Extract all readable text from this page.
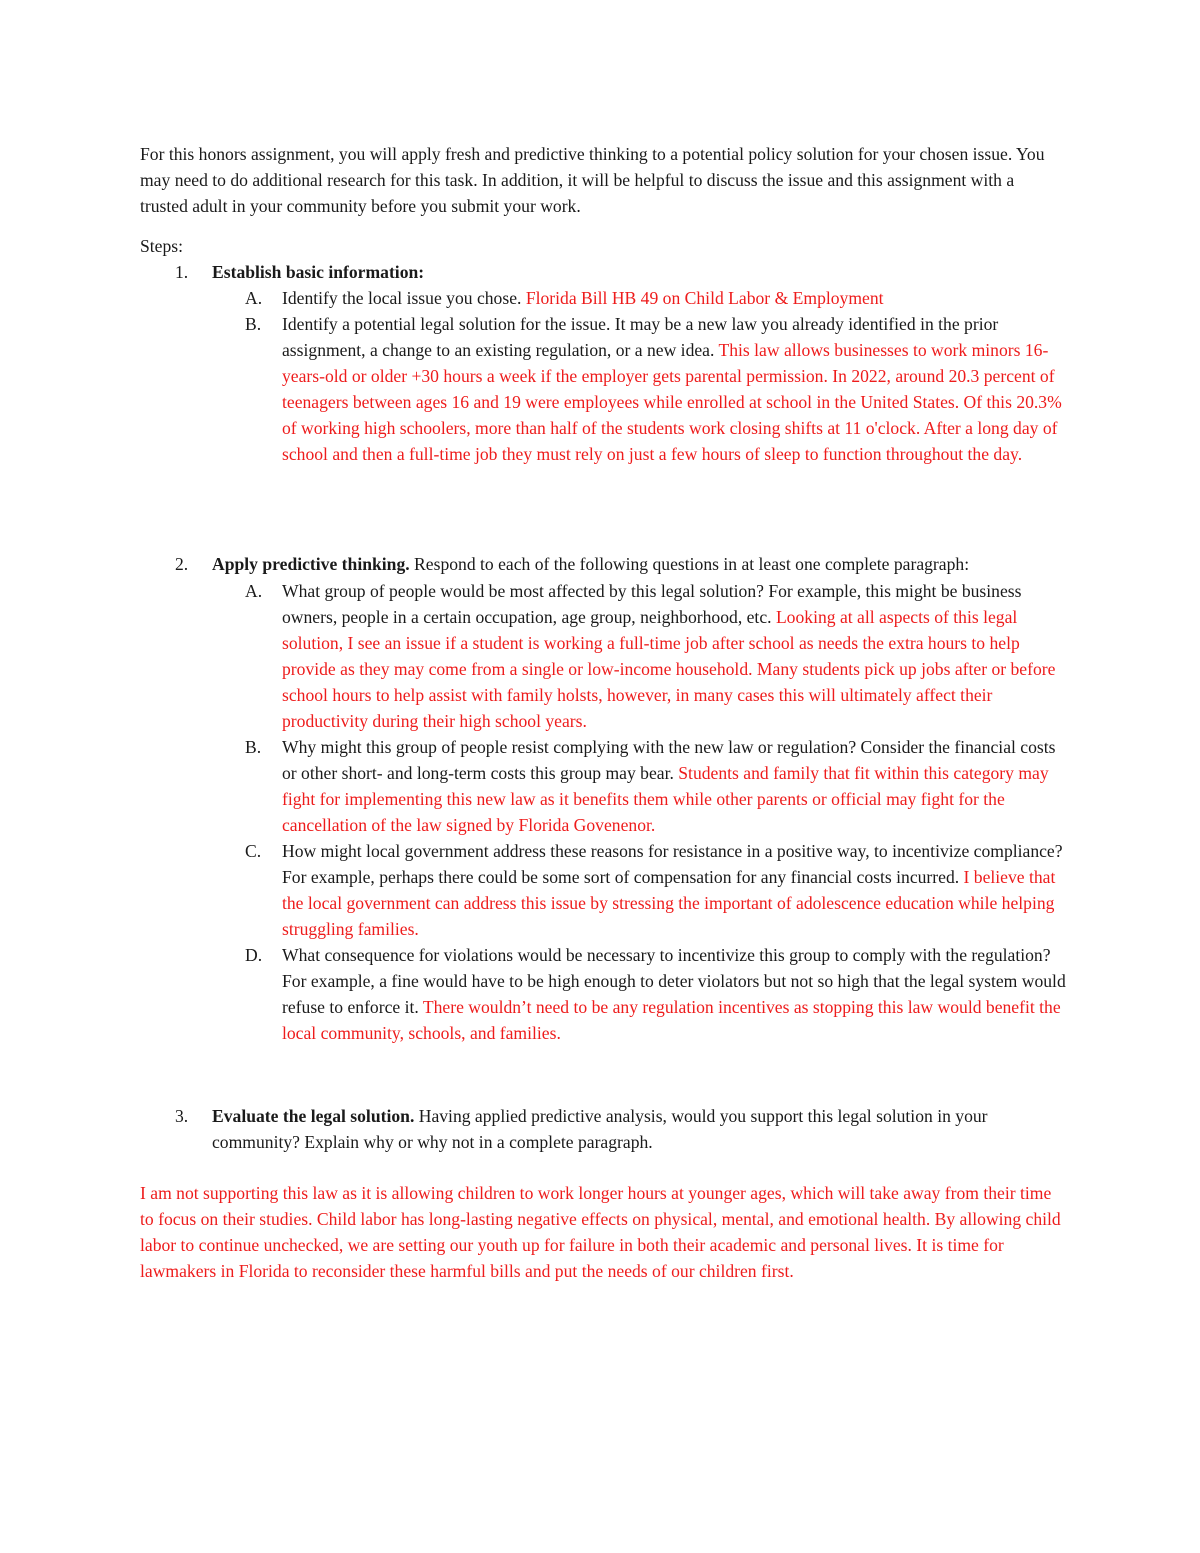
For this honors assignment, you will apply fresh and predictive thinking to a potential policy solution for your chosen issue. You may need to do additional research for this task. In addition, it will be helpful to discuss the issue and this assignment with a trusted adult in your community before you submit your work.

Steps:

1. Establish basic information:
A. Identify the local issue you chose. Florida Bill HB 49 on Child Labor & Employment

B. Identify a potential legal solution for the issue. It may be a new law you already identified in the prior assignment, a change to an existing regulation, or a new idea. This law allows businesses to work minors 16-years-old or older +30 hours a week if the employer gets parental permission. In 2022, around 20.3 percent of teenagers between ages 16 and 19 were employees while enrolled at school in the United States. Of this 20.3% of working high schoolers, more than half of the students work closing shifts at 11 o'clock. After a long day of school and then a full-time job they must rely on just a few hours of sleep to function throughout the day.

2. Apply predictive thinking. Respond to each of the following questions in at least one complete paragraph:

A. What group of people would be most affected by this legal solution? For example, this might be business owners, people in a certain occupation, age group, neighborhood, etc. Looking at all aspects of this legal solution, I see an issue if a student is working a full-time job after school as needs the extra hours to help provide as they may come from a single or low-income household. Many students pick up jobs after or before school hours to help assist with family holsts, however, in many cases this will ultimately affect their productivity during their high school years.

B. Why might this group of people resist complying with the new law or regulation? Consider the financial costs or other short- and long-term costs this group may bear. Students and family that fit within this category may fight for implementing this new law as it benefits them while other parents or official may fight for the cancellation of the law signed by Florida Govenenor.

C. How might local government address these reasons for resistance in a positive way, to incentivize compliance? For example, perhaps there could be some sort of compensation for any financial costs incurred. I believe that the local government can address this issue by stressing the important of adolescence education while helping struggling families.

D. What consequence for violations would be necessary to incentivize this group to comply with the regulation? For example, a fine would have to be high enough to deter violators but not so high that the legal system would refuse to enforce it. There wouldn’t need to be any regulation incentives as stopping this law would benefit the local community, schools, and families.

3. Evaluate the legal solution. Having applied predictive analysis, would you support this legal solution in your community? Explain why or why not in a complete paragraph.

I am not supporting this law as it is allowing children to work longer hours at younger ages, which will take away from their time to focus on their studies. Child labor has long-lasting negative effects on physical, mental, and emotional health. By allowing child labor to continue unchecked, we are setting our youth up for failure in both their academic and personal lives. It is time for lawmakers in Florida to reconsider these harmful bills and put the needs of our children first.
